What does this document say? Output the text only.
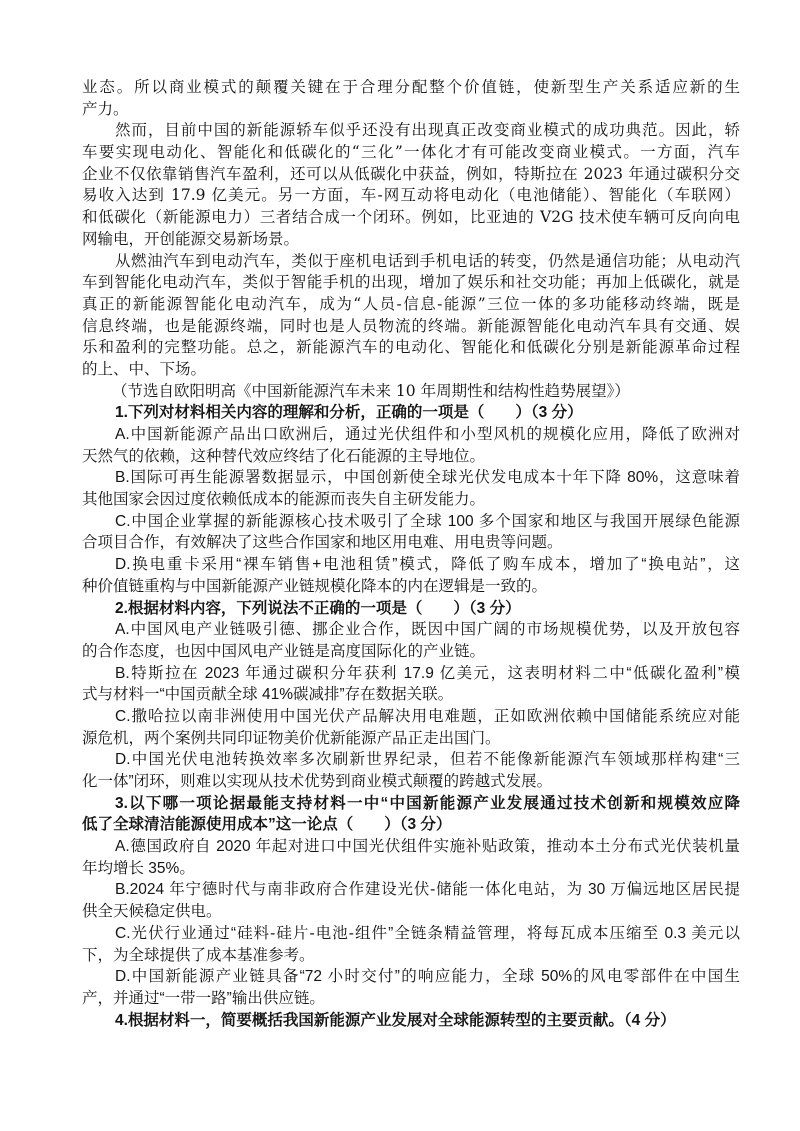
业态。所以商业模式的颠覆关键在于合理分配整个价值链，使新型生产关系适应新的生
产力。
然而，目前中国的新能源轿车似乎还没有出现真正改变商业模式的成功典范。因此，轿
车要实现电动化、智能化和低碳化的“三化”一体化才有可能改变商业模式。一方面，汽车
企业不仅依靠销售汽车盈利，还可以从低碳化中获益，例如，特斯拉在 2023 年通过碳积分交
易收入达到 17.9 亿美元。另一方面，车-网互动将电动化（电池储能）、智能化（车联网）
和低碳化（新能源电力）三者结合成一个闭环。例如，比亚迪的 V2G 技术使车辆可反向向电
网输电，开创能源交易新场景。
从燃油汽车到电动汽车，类似于座机电话到手机电话的转变，仍然是通信功能；从电动汽
车到智能化电动汽车，类似于智能手机的出现，增加了娱乐和社交功能；再加上低碳化，就是
真正的新能源智能化电动汽车，成为“人员-信息-能源”三位一体的多功能移动终端，既是
信息终端，也是能源终端，同时也是人员物流的终端。新能源智能化电动汽车具有交通、娱
乐和盈利的完整功能。总之，新能源汽车的电动化、智能化和低碳化分别是新能源革命过程
的上、中、下场。
（节选自欧阳明高《中国新能源汽车未来 10 年周期性和结构性趋势展望》）
1.下列对材料相关内容的理解和分析，正确的一项是（　　）（3 分）
A.中国新能源产品出口欧洲后，通过光伏组件和小型风机的规模化应用，降低了欧洲对
天然气的依赖，这种替代效应终结了化石能源的主导地位。
B.国际可再生能源署数据显示，中国创新使全球光伏发电成本十年下降 80%，这意味着
其他国家会因过度依赖低成本的能源而丧失自主研发能力。
C.中国企业掌握的新能源核心技术吸引了全球 100 多个国家和地区与我国开展绿色能源
合项目合作，有效解决了这些合作国家和地区用电难、用电贵等问题。
D.换电重卡采用“裸车销售+电池租赁”模式，降低了购车成本，增加了“换电站”，这
种价值链重构与中国新能源产业链规模化降本的内在逻辑是一致的。
2.根据材料内容，下列说法不正确的一项是（　　）（3 分）
A.中国风电产业链吸引德、挪企业合作，既因中国广阔的市场规模优势，以及开放包容
的合作态度，也因中国风电产业链是高度国际化的产业链。
B.特斯拉在 2023 年通过碳积分年获利 17.9 亿美元，这表明材料二中“低碳化盈利”模
式与材料一“中国贡献全球 41%碳减排”存在数据关联。
C.撒哈拉以南非洲使用中国光伏产品解决用电难题，正如欧洲依赖中国储能系统应对能
源危机，两个案例共同印证物美价优新能源产品正走出国门。
D.中国光伏电池转换效率多次刷新世界纪录，但若不能像新能源汽车领域那样构建“三
化一体”闭环，则难以实现从技术优势到商业模式颠覆的跨越式发展。
3.以下哪一项论据最能支持材料一中“中国新能源产业发展通过技术创新和规模效应降
低了全球清洁能源使用成本”这一论点（　　）（3 分）
A.德国政府自 2020 年起对进口中国光伏组件实施补贴政策，推动本土分布式光伏装机量
年均增长 35%。
B.2024 年宁德时代与南非政府合作建设光伏-储能一体化电站，为 30 万偏远地区居民提
供全天候稳定供电。
C.光伏行业通过“硅料-硅片-电池-组件”全链条精益管理，将每瓦成本压缩至 0.3 美元以
下，为全球提供了成本基准参考。
D.中国新能源产业链具备“72 小时交付”的响应能力，全球 50%的风电零部件在中国生
产，并通过“一带一路”输出供应链。
4.根据材料一，简要概括我国新能源产业发展对全球能源转型的主要贡献。（4 分）
